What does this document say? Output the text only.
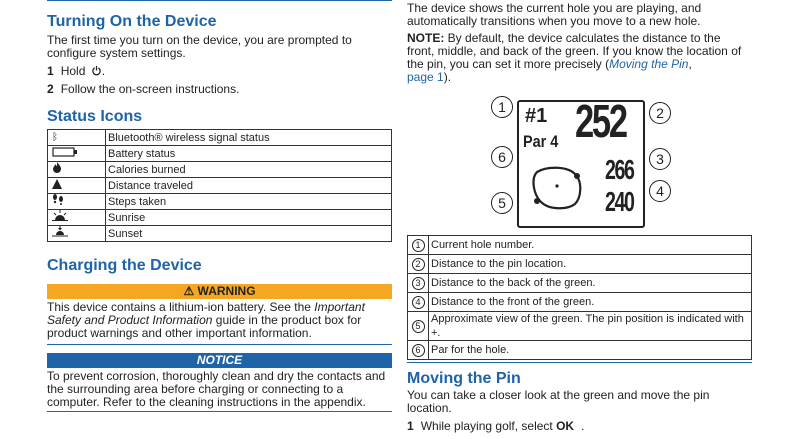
Turning On the Device

The first time you turn on the device, you are prompted to

configure system settings.

1 Hold .
2 Follow the on-screen instructions.
Status Icons
ᛒ	Bluetooth® wireless signal status
	Battery status
	Calories burned
	Distance traveled
	Steps taken
	Sunrise
	Sunset
Charging the Device
⚠ WARNING

This device contains a lithium-ion battery. See the Important

Safety and Product Information guide in the product box for

product warnings and other important information.

NOTICE

To prevent corrosion, thoroughly clean and dry the contacts and

the surrounding area before charging or connecting to a

computer. Refer to the cleaning instructions in the appendix.

The device shows the current hole you are playing, and

automatically transitions when you move to a new hole.

NOTE: By default, the device calculates the distance to the

front, middle, and back of the green. If you know the location of

the pin, you can set it more precisely (Moving the Pin,

page 1).

#1
Par 4 252
266
240
1	2
3
4
5
6
1	Current hole number.
2	Distance to the pin location.
3	Distance to the back of the green.
4	Distance to the front of the green.
5	Approximate view of the green. The pin position is indicated with +.
6	Par for the hole.
Moving the Pin

You can take a closer look at the green and move the pin

location.

1 While playing golf, select OK .
